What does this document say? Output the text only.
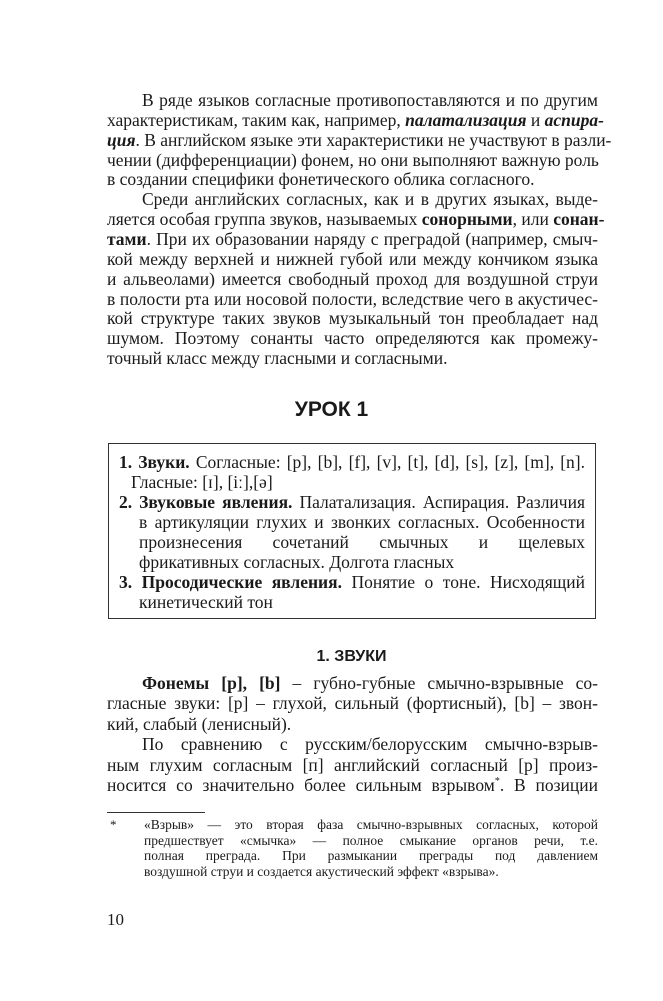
В ряде языков согласные противопоставляются и по другим
характеристикам, таким как, например, палатализация и аспира-
ция. В английском языке эти характеристики не участвуют в разли-
чении (дифференциации) фонем, но они выполняют важную роль
в создании специфики фонетического облика согласного.
Среди английских согласных, как и в других языках, выде-
ляется особая группа звуков, называемых сонорными, или сонан-
тами. При их образовании наряду с преградой (например, смыч-
кой между верхней и нижней губой или между кончиком языка
и альвеолами) имеется свободный проход для воздушной струи
в полости рта или носовой полости, вследствие чего в акустичес-
кой структуре таких звуков музыкальный тон преобладает над
шумом. Поэтому сонанты часто определяются как промежу-
точный класс между гласными и согласными.
УРОК 1
1. Звуки. Согласные: [p], [b], [f], [v], [t], [d], [s], [z], [m], [n].
Гласные: [ɪ], [iː],[ə]
2. Звуковые явления. Палатализация. Аспирация. Различия
в артикуляции глухих и звонких согласных. Особенности
произнесения сочетаний смычных и щелевых
фрикативных согласных. Долгота гласных
3. Просодические явления. Понятие о тоне. Нисходящий
кинетический тон
1. ЗВУКИ
Фонемы [p], [b] – губно-губные смычно-взрывные со-
гласные звуки: [p] – глухой, сильный (фортисный), [b] – звон-
кий, слабый (ленисный).
По сравнению с русским/белорусским смычно-взрыв-
ным глухим согласным [п] английский согласный [p] произ-
носится со значительно более сильным взрывом*. В позиции
* «Взрыв» — это вторая фаза смычно-взрывных согласных, которой
предшествует «смычка» — полное смыкание органов речи, т.е.
полная преграда. При размыкании преграды под давлением
воздушной струи и создается акустический эффект «взрыва».
10
